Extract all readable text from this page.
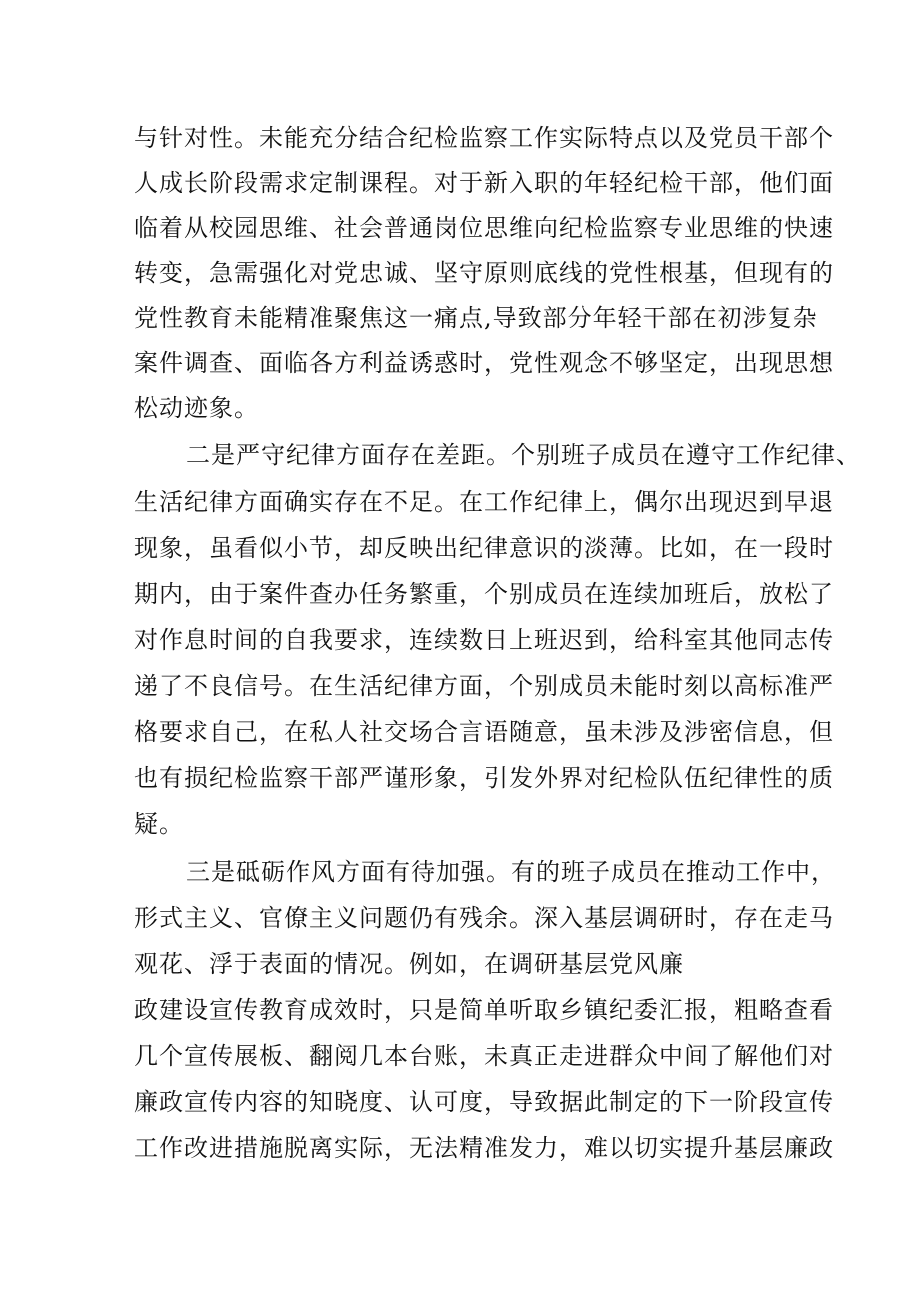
与针对性。未能充分结合纪检监察工作实际特点以及党员干部个
人成长阶段需求定制课程。对于新入职的年轻纪检干部，他们面
临着从校园思维、社会普通岗位思维向纪检监察专业思维的快速
转变，急需强化对党忠诚、坚守原则底线的党性根基，但现有的
党性教育未能精准聚焦这一痛点,导致部分年轻干部在初涉复杂
案件调查、面临各方利益诱惑时，党性观念不够坚定，出现思想
松动迹象。
二是严守纪律方面存在差距。个别班子成员在遵守工作纪律、
生活纪律方面确实存在不足。在工作纪律上，偶尔出现迟到早退
现象，虽看似小节，却反映出纪律意识的淡薄。比如，在一段时
期内，由于案件查办任务繁重，个别成员在连续加班后，放松了
对作息时间的自我要求，连续数日上班迟到，给科室其他同志传
递了不良信号。在生活纪律方面，个别成员未能时刻以高标准严
格要求自己，在私人社交场合言语随意，虽未涉及涉密信息，但
也有损纪检监察干部严谨形象，引发外界对纪检队伍纪律性的质
疑。
三是砥砺作风方面有待加强。有的班子成员在推动工作中，
形式主义、官僚主义问题仍有残余。深入基层调研时，存在走马
观花、浮于表面的情况。例如，在调研基层党风廉
政建设宣传教育成效时，只是简单听取乡镇纪委汇报，粗略查看
几个宣传展板、翻阅几本台账，未真正走进群众中间了解他们对
廉政宣传内容的知晓度、认可度，导致据此制定的下一阶段宣传
工作改进措施脱离实际，无法精准发力，难以切实提升基层廉政
